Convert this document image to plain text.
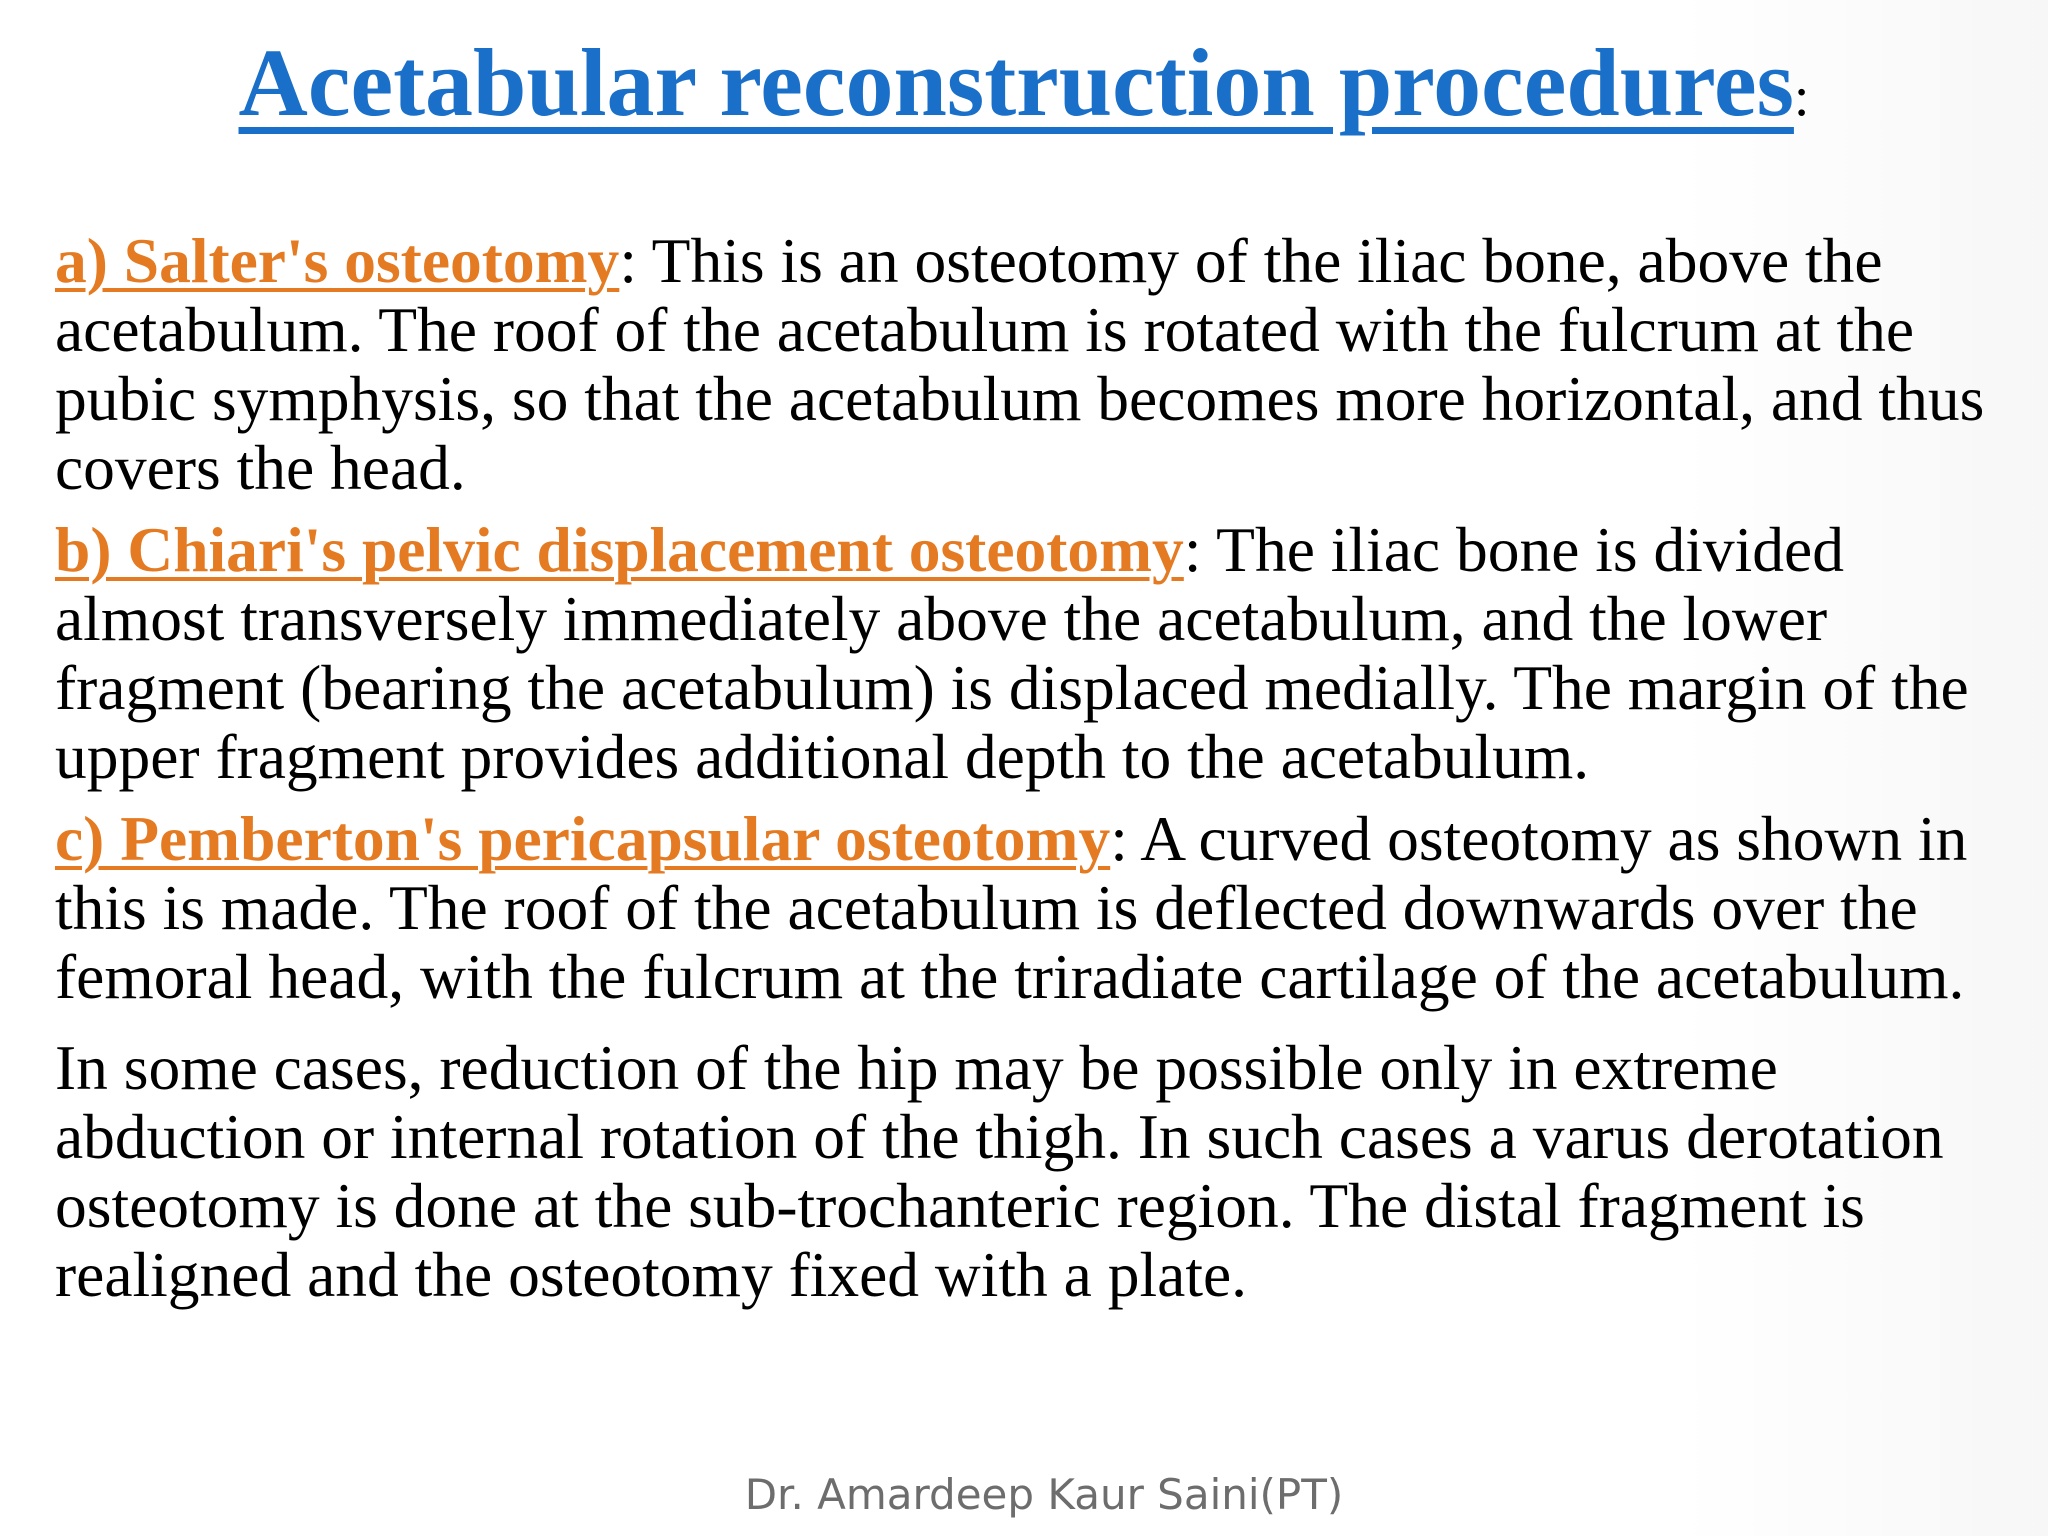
Acetabular reconstruction procedures:

a) Salter's osteotomy: This is an osteotomy of the iliac bone, above the acetabulum. The roof of the acetabulum is rotated with the fulcrum at the pubic symphysis, so that the acetabulum becomes more horizontal, and thus covers the head.

b) Chiari's pelvic displacement osteotomy: The iliac bone is divided almost transversely immediately above the acetabulum, and the lower fragment (bearing the acetabulum) is displaced medially. The margin of the upper fragment provides additional depth to the acetabulum.

c) Pemberton's pericapsular osteotomy: A curved osteotomy as shown in this is made. The roof of the acetabulum is deflected downwards over the femoral head, with the fulcrum at the triradiate cartilage of the acetabulum.

In some cases, reduction of the hip may be possible only in extreme abduction or internal rotation of the thigh. In such cases a varus derotation osteotomy is done at the sub-trochanteric region. The distal fragment is realigned and the osteotomy fixed with a plate.

Dr. Amardeep Kaur Saini(PT)
